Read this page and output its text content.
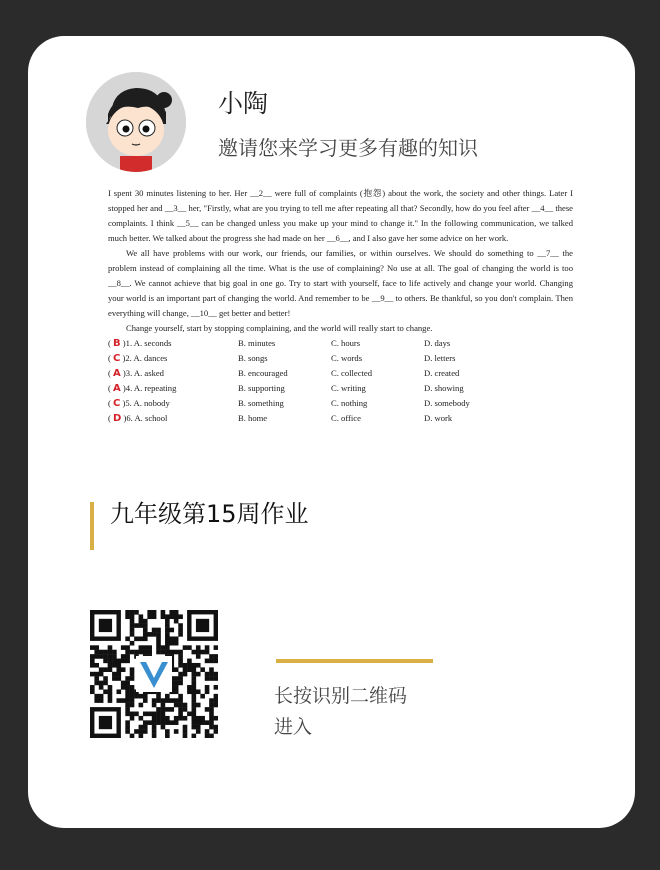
小陶
邀请您来学习更多有趣的知识

I spent 30 minutes listening to her. Her __2__ were full of complaints (抱怨) about the work, the society and other things. Later I stopped her and __3__ her, "Firstly, what are you trying to tell me after repeating all that? Secondly, how do you feel after __4__ these complaints. I think __5__ can be changed unless you make up your mind to change it." In the following communication, we talked much better. We talked about the progress she had made on her __6__, and I also gave her some advice on her work.

We all have problems with our work, our friends, our families, or within ourselves. We should do something to __7__ the problem instead of complaining all the time. What is the use of complaining? No use at all. The goal of changing the world is too __8__. We cannot achieve that big goal in one go. Try to start with yourself, face to life actively and change your world. Changing your world is an important part of changing the world. And remember to be __9__ to others. Be thankful, so you don't complain. Then everything will change, __10__ get better and better!

Change yourself, start by stopping complaining, and the world will really start to change.

( B )1. A. seconds	B. minutes	C. hours	D. days
( C )2. A. dances	B. songs	C. words	D. letters
( A )3. A. asked	B. encouraged	C. collected	D. created
( A )4. A. repeating	B. supporting	C. writing	D. showing
( C )5. A. nobody	B. something	C. nothing	D. somebody
( D )6. A. school	B. home	C. office	D. work
九年级第15周作业
长按识别二维码
进入
